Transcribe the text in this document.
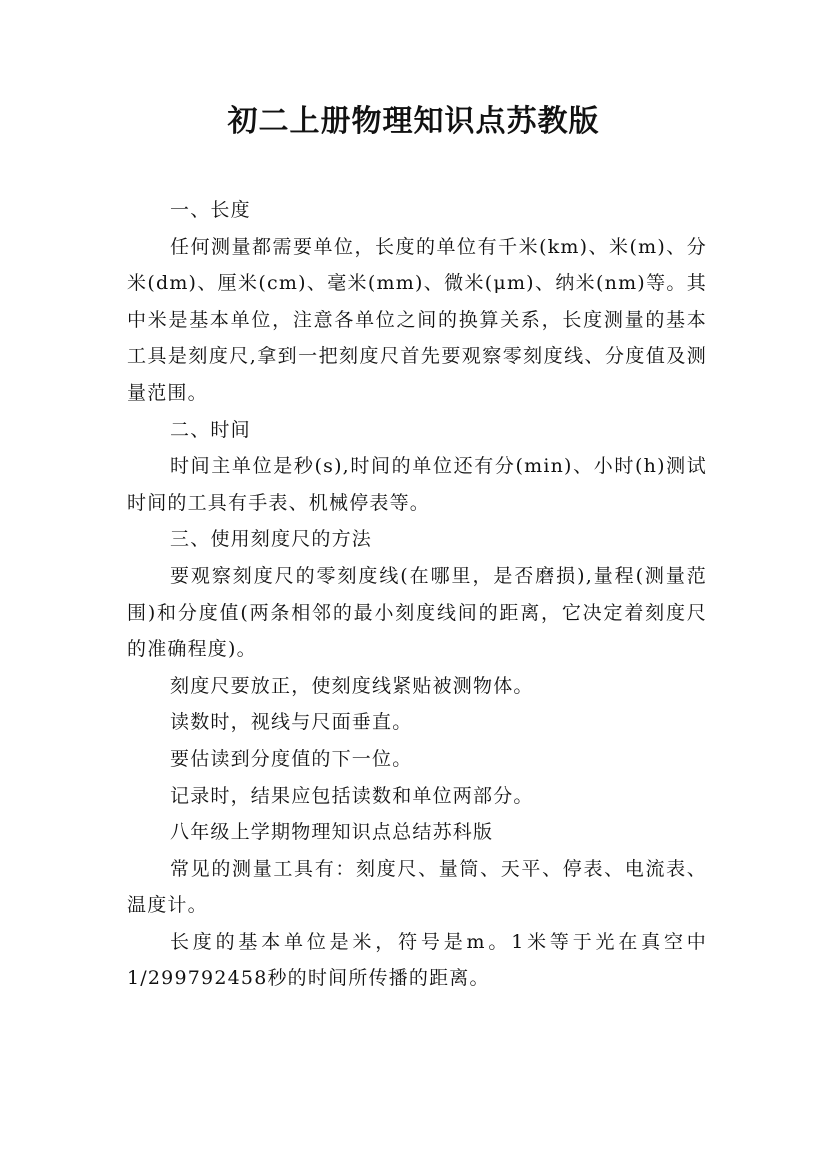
初二上册物理知识点苏教版

一、长度

任何测量都需要单位，长度的单位有千米(km)、米(m)、分米(dm)、厘米(cm)、毫米(mm)、微米(μm)、纳米(nm)等。其中米是基本单位，注意各单位之间的换算关系，长度测量的基本工具是刻度尺,拿到一把刻度尺首先要观察零刻度线、分度值及测量范围。

二、时间

时间主单位是秒(s),时间的单位还有分(min)、小时(h)测试时间的工具有手表、机械停表等。

三、使用刻度尺的方法

要观察刻度尺的零刻度线(在哪里，是否磨损),量程(测量范围)和分度值(两条相邻的最小刻度线间的距离，它决定着刻度尺的准确程度)。

刻度尺要放正，使刻度线紧贴被测物体。

读数时，视线与尺面垂直。

要估读到分度值的下一位。

记录时，结果应包括读数和单位两部分。

八年级上学期物理知识点总结苏科版

常见的测量工具有：刻度尺、量筒、天平、停表、电流表、温度计。

长度的基本单位是米，符号是m。1米等于光在真空中1/299792458秒的时间所传播的距离。
